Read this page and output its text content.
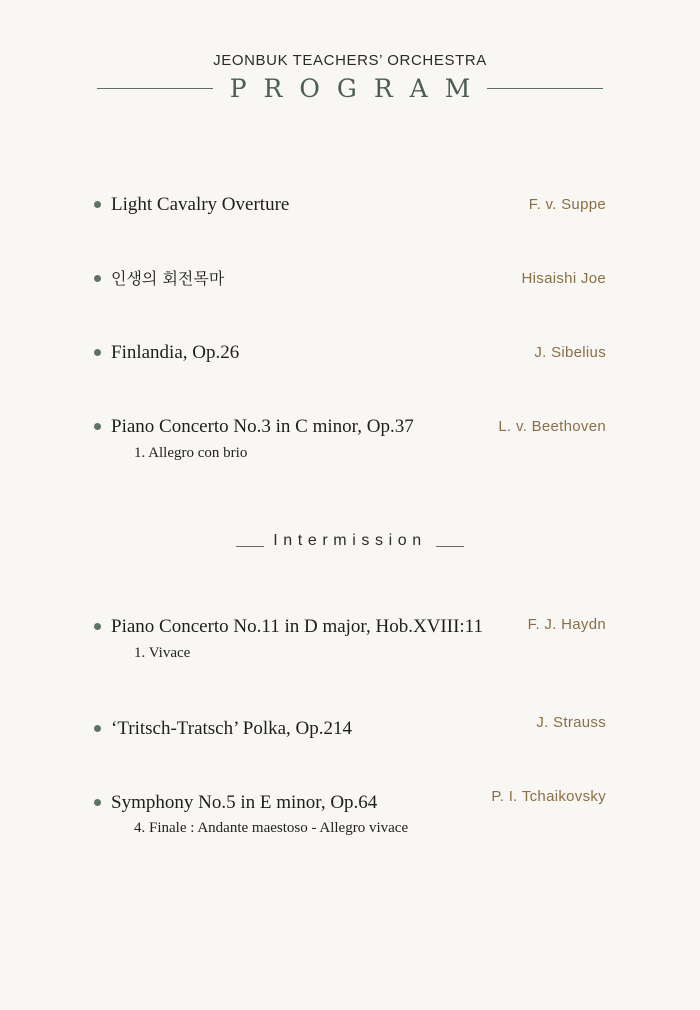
JEONBUK TEACHERS’ ORCHESTRA
PROGRAM
Light Cavalry Overture	F. v. Suppe
인생의 회전목마	Hisaishi Joe
Finlandia, Op.26	J. Sibelius
Piano Concerto No.3 in C minor, Op.37	L. v. Beethoven
1. Allegro con brio
Intermission
Piano Concerto No.11 in D major, Hob.XVIII:11	F. J. Haydn
1. Vivace
‘Tritsch-Tratsch’ Polka, Op.214	J. Strauss
Symphony No.5 in E minor, Op.64	P. I. Tchaikovsky
4. Finale : Andante maestoso - Allegro vivace
